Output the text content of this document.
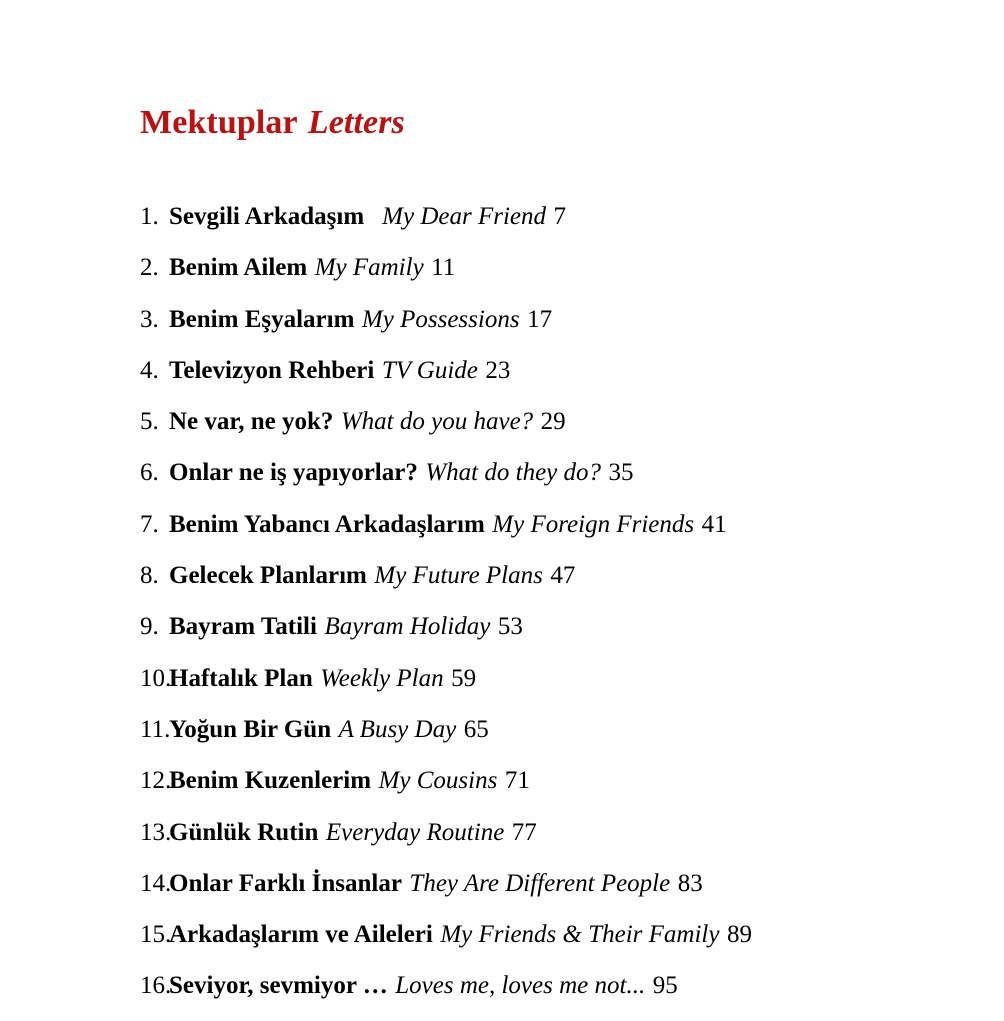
Mektuplar Letters
1. Sevgili Arkadaşım My Dear Friend 7
2. Benim Ailem My Family 11
3. Benim Eşyalarım My Possessions 17
4. Televizyon Rehberi TV Guide 23
5. Ne var, ne yok? What do you have? 29
6. Onlar ne iş yapıyorlar? What do they do? 35
7. Benim Yabancı Arkadaşlarım My Foreign Friends 41
8. Gelecek Planlarım My Future Plans 47
9. Bayram Tatili Bayram Holiday 53
10.
Haftalık Plan Weekly Plan 59
11.
Yoğun Bir Gün A Busy Day 65
12.
Benim Kuzenlerim My Cousins 71
13.
Günlük Rutin Everyday Routine 77
14.
Onlar Farklı İnsanlar They Are Different People 83
15.
Arkadaşlarım ve Aileleri My Friends & Their Family 89
16.
Seviyor, sevmiyor … Loves me, loves me not... 95
